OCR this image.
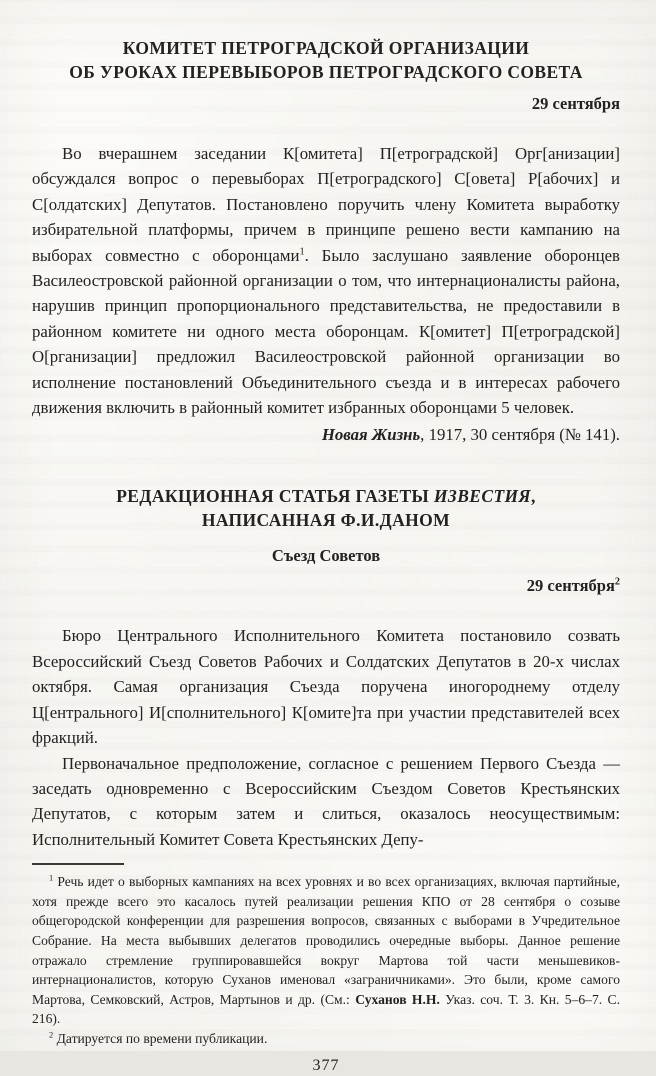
КОМИТЕТ ПЕТРОГРАДСКОЙ ОРГАНИЗАЦИИ
ОБ УРОКАХ ПЕРЕВЫБОРОВ ПЕТРОГРАДСКОГО СОВЕТА
29 сентября

Во вчерашнем заседании К[омитета] П[етроградской] Орг[анизации] обсуждался вопрос о перевыборах П[етроградского] С[овета] Р[абочих] и С[олдатских] Депутатов. Постановлено поручить члену Комитета выработку избирательной платформы, причем в принципе решено вести кампанию на выборах совместно с оборонцами$^1$. Было заслушано заявление оборонцев Василеостровской районной организации о том, что интернационалисты района, нарушив принцип пропорционального представительства, не предоставили в районном комитете ни одного места оборонцам. К[омитет] П[етроградской] О[рганизации] предложил Василеостровской районной организации во исполнение постановлений Объединительного съезда и в интересах рабочего движения включить в районный комитет избранных оборонцами 5 человек.

Новая Жизнь, 1917, 30 сентября (№ 141).

РЕДАКЦИОННАЯ СТАТЬЯ ГАЗЕТЫ ИЗВЕСТИЯ,
НАПИСАННАЯ Ф.И.ДАНОМ
Съезд Советов
29 сентября$^2$

Бюро Центрального Исполнительного Комитета постановило созвать Всероссийский Съезд Советов Рабочих и Солдатских Депутатов в 20-х числах октября. Самая организация Съезда поручена иногороднему отделу Ц[ентрального] И[сполнительного] К[омите]та при участии представителей всех фракций.

Первоначальное предположение, согласное с решением Первого Съезда — заседать одновременно с Всероссийским Съездом Советов Крестьянских Депутатов, с которым затем и слиться, оказалось неосуществимым: Исполнительный Комитет Совета Крестьянских Депу-

$^1$ Речь идет о выборных кампаниях на всех уровнях и во всех организациях, включая партийные, хотя прежде всего это касалось путей реализации решения КПО от 28 сентября о созыве общегородской конференции для разрешения вопросов, связанных с выборами в Учредительное Собрание. На места выбывших делегатов проводились очередные выборы. Данное решение отражало стремление группировавшейся вокруг Мартова той части меньшевиков-интернационалистов, которую Суханов именовал «заграничниками». Это были, кроме самого Мартова, Семковский, Астров, Мартынов и др. (См.: Суханов Н.Н. Указ. соч. Т. 3. Кн. 5–6–7. С. 216).

$^2$ Датируется по времени публикации.

377
